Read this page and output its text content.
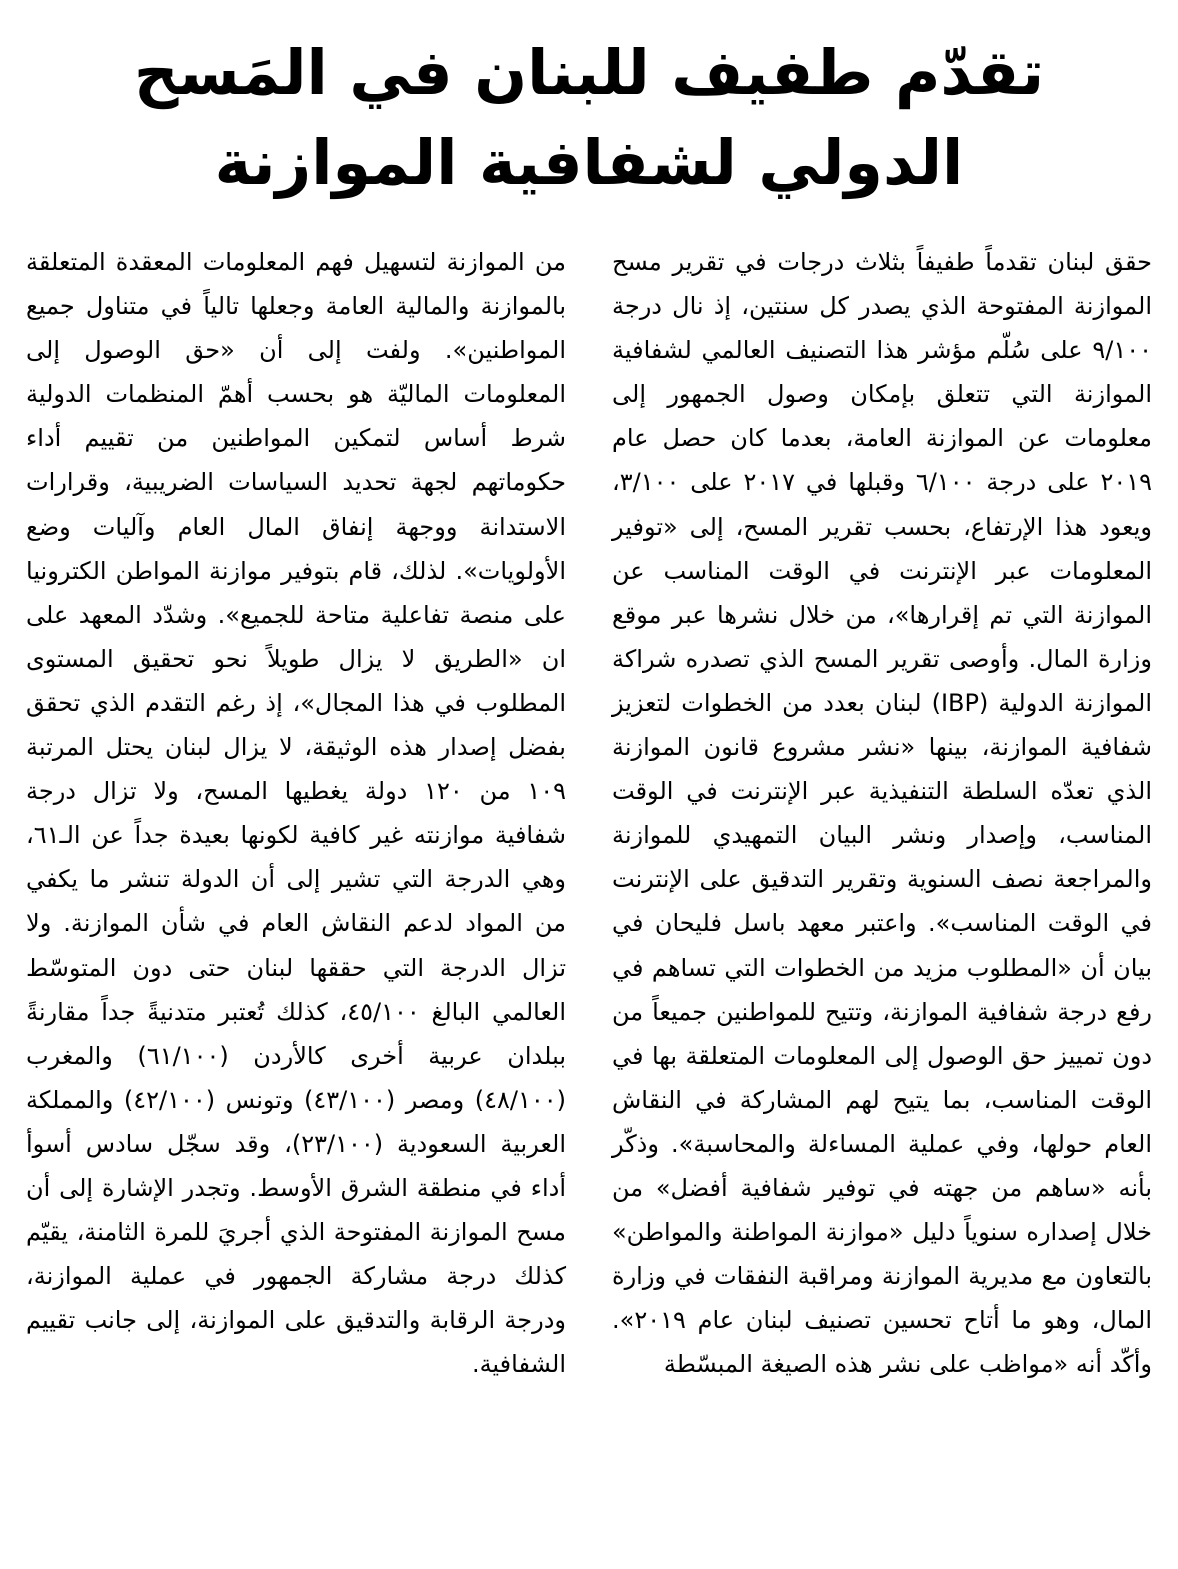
تقدّم طفيف للبنان في المَسح
الدولي لشفافية الموازنة

حقق لبنان تقدماً طفيفاً بثلاث درجات في تقرير مسح الموازنة المفتوحة الذي يصدر كل سنتين، إذ نال درجة ٩/١٠٠ على سُلّم مؤشر هذا التصنيف العالمي لشفافية الموازنة التي تتعلق بإمكان وصول الجمهور إلى معلومات عن الموازنة العامة، بعدما كان حصل عام ٢٠١٩ على درجة ٦/١٠٠ وقبلها في ٢٠١٧ على ٣/١٠٠، ويعود هذا الإرتفاع، بحسب تقرير المسح، إلى «توفير المعلومات عبر الإنترنت في الوقت المناسب عن الموازنة التي تم إقرارها»، من خلال نشرها عبر موقع وزارة المال. وأوصى تقرير المسح الذي تصدره شراكة الموازنة الدولية (IBP) لبنان بعدد من الخطوات لتعزيز شفافية الموازنة، بينها «نشر مشروع قانون الموازنة الذي تعدّه السلطة التنفيذية عبر الإنترنت في الوقت المناسب، وإصدار ونشر البيان التمهيدي للموازنة والمراجعة نصف السنوية وتقرير التدقيق على الإنترنت في الوقت المناسب». واعتبر معهد باسل فليحان في بيان أن «المطلوب مزيد من الخطوات التي تساهم في رفع درجة شفافية الموازنة، وتتيح للمواطنين جميعاً من دون تمييز حق الوصول إلى المعلومات المتعلقة بها في الوقت المناسب، بما يتيح لهم المشاركة في النقاش العام حولها، وفي عملية المساءلة والمحاسبة». وذكّر بأنه «ساهم من جهته في توفير شفافية أفضل» من خلال إصداره سنوياً دليل «موازنة المواطنة والمواطن» بالتعاون مع مديرية الموازنة ومراقبة النفقات في وزارة المال، وهو ما أتاح تحسين تصنيف لبنان عام ٢٠١٩». وأكّد أنه «مواظب على نشر هذه الصيغة المبسّطة

من الموازنة لتسهيل فهم المعلومات المعقدة المتعلقة بالموازنة والمالية العامة وجعلها تالياً في متناول جميع المواطنين». ولفت إلى أن «حق الوصول إلى المعلومات الماليّة هو بحسب أهمّ المنظمات الدولية شرط أساس لتمكين المواطنين من تقييم أداء حكوماتهم لجهة تحديد السياسات الضريبية، وقرارات الاستدانة ووجهة إنفاق المال العام وآليات وضع الأولويات». لذلك، قام بتوفير موازنة المواطن الكترونيا على منصة تفاعلية متاحة للجميع». وشدّد المعهد على ان «الطريق لا يزال طويلاً نحو تحقيق المستوى المطلوب في هذا المجال»، إذ رغم التقدم الذي تحقق بفضل إصدار هذه الوثيقة، لا يزال لبنان يحتل المرتبة ١٠٩ من ١٢٠ دولة يغطيها المسح، ولا تزال درجة شفافية موازنته غير كافية لكونها بعيدة جداً عن الـ٦١، وهي الدرجة التي تشير إلى أن الدولة تنشر ما يكفي من المواد لدعم النقاش العام في شأن الموازنة. ولا تزال الدرجة التي حققها لبنان حتى دون المتوسّط العالمي البالغ ٤٥/١٠٠، كذلك تُعتبر متدنيةً جداً مقارنةً ببلدان عربية أخرى كالأردن (٦١/١٠٠) والمغرب (٤٨/١٠٠) ومصر (٤٣/١٠٠) وتونس (٤٢/١٠٠) والمملكة العربية السعودية (٢٣/١٠٠)، وقد سجّل سادس أسوأ أداء في منطقة الشرق الأوسط. وتجدر الإشارة إلى أن مسح الموازنة المفتوحة الذي أجريَ للمرة الثامنة، يقيّم كذلك درجة مشاركة الجمهور في عملية الموازنة، ودرجة الرقابة والتدقيق على الموازنة، إلى جانب تقييم الشفافية.
